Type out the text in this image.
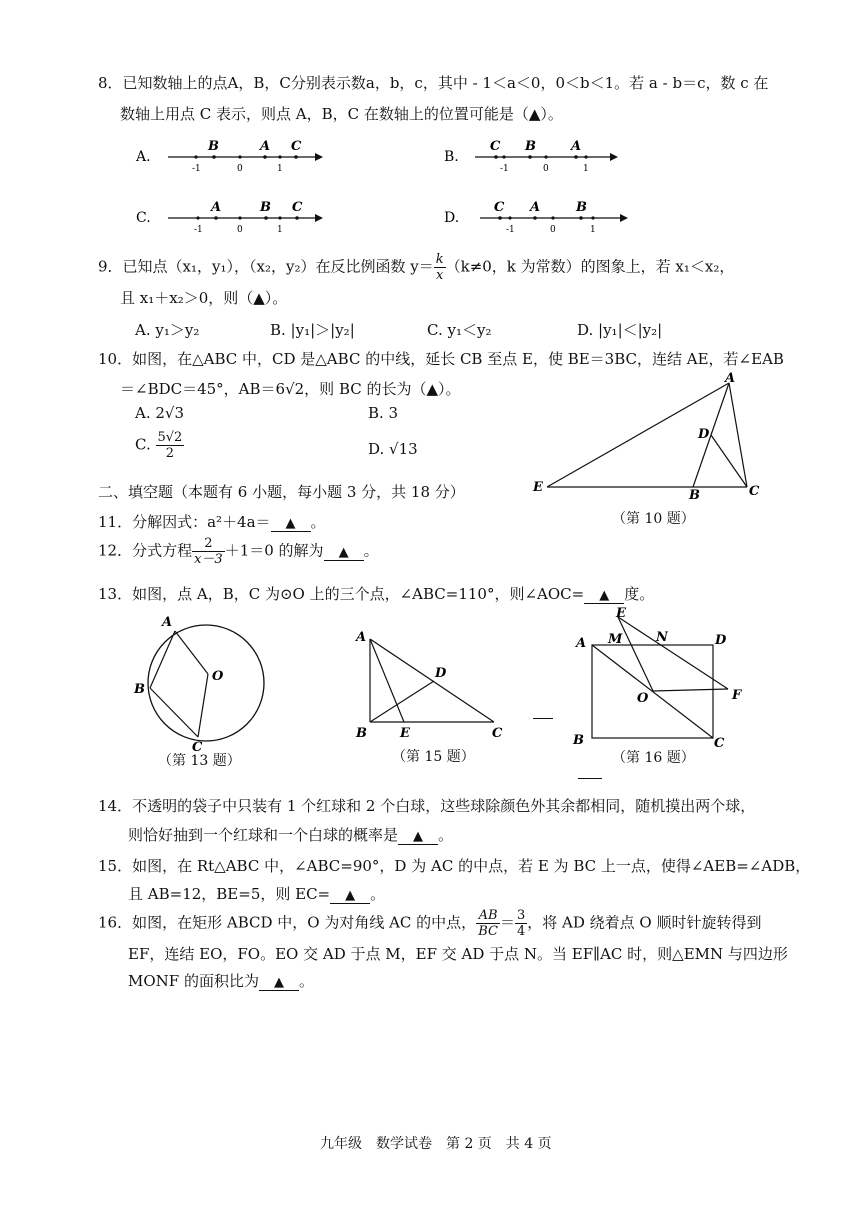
8．已知数轴上的点A，B，C分别表示数a，b，c，其中 - 1＜a＜0，0＜b＜1。若 a - b＝c，数 c 在
数轴上用点 C 表示，则点 A，B，C 在数轴上的位置可能是（▲）。
A.
-1	0	1
B	A C
B.
-1	0	1
C B	A
C.
-1	0	1
A	B C
D.
-1	0	1
C A	B
9．已知点（x₁，y₁），（x₂，y₂）在反比例函数 $y= \frac{k}{x} (k\ne 0$，k 为常数）的图象上，若 x₁＜x₂，
且 x₁＋x₂＞0，则（▲）。
A. y₁＞y₂	B. |y₁|＞|y₂|	C. y₁＜y₂	D. |y₁|＜|y₂|
10．如图，在△ABC 中，CD 是△ABC 的中线，延长 CB 至点 E，使 BE＝3BC，连结 AE，若∠EAB
＝∠BDC＝45°，AB＝6√2，则 BC 的长为（▲）。
A. 2√3	B. 3
C. $\frac{5√2}{2}$	D. √13
A
D
E
B	C
（第 10 题）
二、填空题（本题有 6 小题，每小题 3 分，共 18 分）
11．分解因式：a²＋4a＝ ▲ 。
12．分式方程 $\frac{2}{x-3} +1=0$ 的解为 ▲ 。
13．如图，点 A，B，C 为⊙O 上的三个点，∠ABC=110°，则∠AOC= ▲ 度。
A
B
O
C
（第 13 题）
A
D
B	E	C
（第 15 题）
E
M	N	D
A
O	F
B	C
（第 16 题）
14．不透明的袋子中只装有 1 个红球和 2 个白球，这些球除颜色外其余都相同，随机摸出两个球，
则恰好抽到一个红球和一个白球的概率是 ▲ 。
15．如图，在 Rt△ABC 中，∠ABC=90°，D 为 AC 的中点，若 E 为 BC 上一点，使得∠AEB=∠ADB，
且 AB=12，BE=5，则 EC= ▲ 。
16．如图，在矩形 ABCD 中，O 为对角线 AC 的中点， $\frac{AB}{BC} = \frac{3}{4}$ ，将 AD 绕着点 O 顺时针旋转得到
EF，连结 EO，FO。EO 交 AD 于点 M，EF 交 AD 于点 N。当 EF∥AC 时，则△EMN 与四边形
MONF 的面积比为 ▲ 。
九年级　数学试卷　第 2 页　共 4 页
